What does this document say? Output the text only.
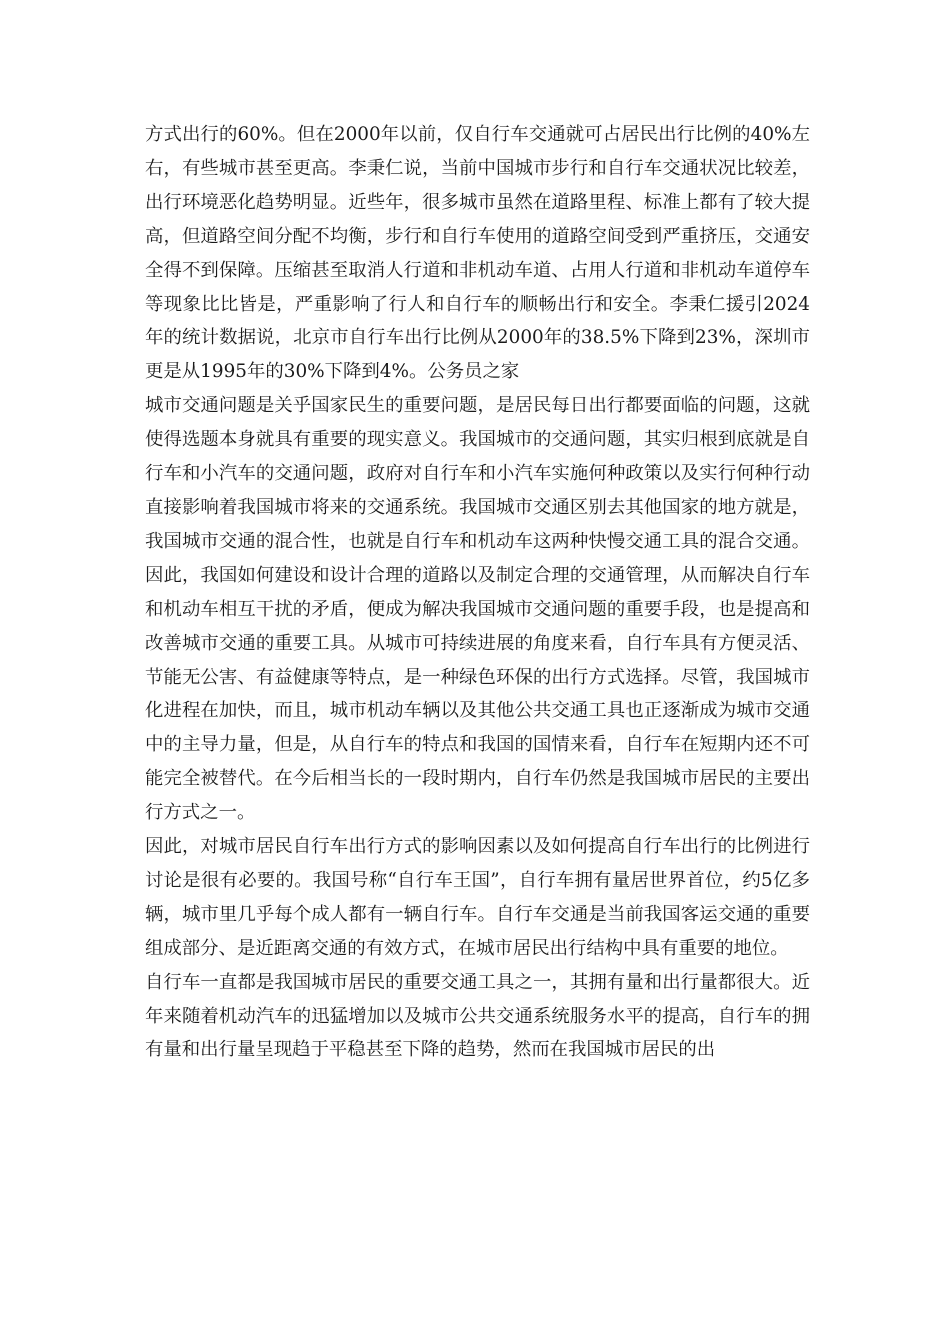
方式出行的60%。但在2000年以前，仅自行车交通就可占居民出行比例的40%左右，有些城市甚至更高。李秉仁说，当前中国城市步行和自行车交通状况比较差，出行环境恶化趋势明显。近些年，很多城市虽然在道路里程、标准上都有了较大提高，但道路空间分配不均衡，步行和自行车使用的道路空间受到严重挤压，交通安全得不到保障。压缩甚至取消人行道和非机动车道、占用人行道和非机动车道停车等现象比比皆是，严重影响了行人和自行车的顺畅出行和安全。李秉仁援引2024年的统计数据说，北京市自行车出行比例从2000年的38.5%下降到23%，深圳市更是从1995年的30%下降到4%。公务员之家

城市交通问题是关乎国家民生的重要问题，是居民每日出行都要面临的问题，这就使得选题本身就具有重要的现实意义。我国城市的交通问题，其实归根到底就是自行车和小汽车的交通问题，政府对自行车和小汽车实施何种政策以及实行何种行动直接影响着我国城市将来的交通系统。我国城市交通区别去其他国家的地方就是，我国城市交通的混合性，也就是自行车和机动车这两种快慢交通工具的混合交通。因此，我国如何建设和设计合理的道路以及制定合理的交通管理，从而解决自行车和机动车相互干扰的矛盾，便成为解决我国城市交通问题的重要手段，也是提高和改善城市交通的重要工具。从城市可持续进展的角度来看，自行车具有方便灵活、节能无公害、有益健康等特点，是一种绿色环保的出行方式选择。尽管，我国城市化进程在加快，而且，城市机动车辆以及其他公共交通工具也正逐渐成为城市交通中的主导力量，但是，从自行车的特点和我国的国情来看，自行车在短期内还不可能完全被替代。在今后相当长的一段时期内，自行车仍然是我国城市居民的主要出行方式之一。

因此，对城市居民自行车出行方式的影响因素以及如何提高自行车出行的比例进行讨论是很有必要的。我国号称“自行车王国”，自行车拥有量居世界首位，约5亿多辆，城市里几乎每个成人都有一辆自行车。自行车交通是当前我国客运交通的重要组成部分、是近距离交通的有效方式，在城市居民出行结构中具有重要的地位。

自行车一直都是我国城市居民的重要交通工具之一，其拥有量和出行量都很大。近年来随着机动汽车的迅猛增加以及城市公共交通系统服务水平的提高，自行车的拥有量和出行量呈现趋于平稳甚至下降的趋势，然而在我国城市居民的出
